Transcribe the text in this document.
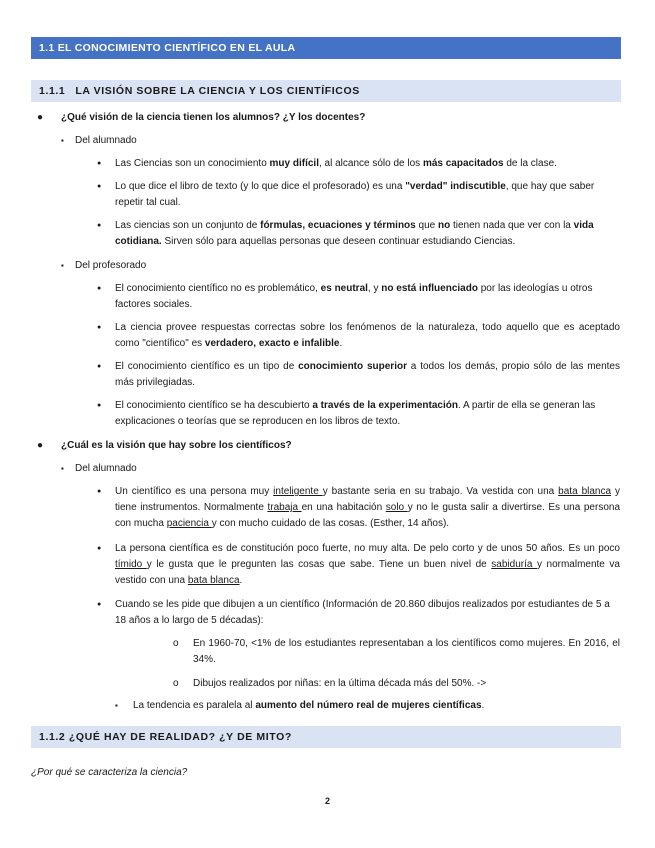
1.1 EL CONOCIMIENTO CIENTÍFICO EN EL AULA
1.1.1 LA VISIÓN SOBRE LA CIENCIA Y LOS CIENTÍFICOS
● ¿Qué visión de la ciencia tienen los alumnos? ¿Y los docentes?
▪ Del alumnado
● Las Ciencias son un conocimiento muy difícil, al alcance sólo de los más capacitados de la clase.
● Lo que dice el libro de texto (y lo que dice el profesorado) es una "verdad" indiscutible, que hay que saber repetir tal cual.
● Las ciencias son un conjunto de fórmulas, ecuaciones y términos que no tienen nada que ver con la vida cotidiana. Sirven sólo para aquellas personas que deseen continuar estudiando Ciencias.
▪ Del profesorado
● El conocimiento científico no es problemático, es neutral, y no está influenciado por las ideologías u otros factores sociales.
● La ciencia provee respuestas correctas sobre los fenómenos de la naturaleza, todo aquello que es aceptado como "científico" es verdadero, exacto e infalible.
● El conocimiento científico es un tipo de conocimiento superior a todos los demás, propio sólo de las mentes más privilegiadas.
● El conocimiento científico se ha descubierto a través de la experimentación. A partir de ella se generan las explicaciones o teorías que se reproducen en los libros de texto.
● ¿Cuál es la visión que hay sobre los científicos?
▪ Del alumnado
● Un científico es una persona muy inteligente y bastante seria en su trabajo. Va vestida con una bata blanca y tiene instrumentos. Normalmente trabaja en una habitación solo y no le gusta salir a divertirse. Es una persona con mucha paciencia y con mucho cuidado de las cosas. (Esther, 14 años).
● La persona científica es de constitución poco fuerte, no muy alta. De pelo corto y de unos 50 años. Es un poco tímido y le gusta que le pregunten las cosas que sabe. Tiene un buen nivel de sabiduría y normalmente va vestido con una bata blanca.
● Cuando se les pide que dibujen a un científico (Información de 20.860 dibujos realizados por estudiantes de 5 a 18 años a lo largo de 5 décadas):
o En 1960-70, <1% de los estudiantes representaban a los científicos como mujeres. En 2016, el 34%.
o Dibujos realizados por niñas: en la última década más del 50%. ->
▪ La tendencia es paralela al aumento del número real de mujeres científicas.
1.1.2 ¿QUÉ HAY DE REALIDAD? ¿Y DE MITO?
¿Por qué se caracteriza la ciencia?
2
